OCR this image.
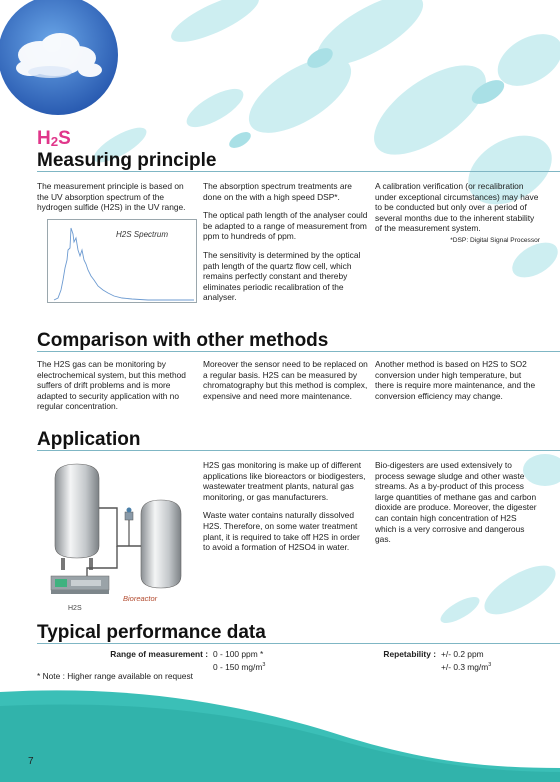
H2S
Measuring principle

The measurement principle is based on the UV absorption spectrum of the hydrogen sulfide (H2S) in the UV range.

H2S Spectrum

The absorption spectrum treatments are done on the with a high speed DSP*.

The optical path length of the analyser could be adapted to a range of measurement from ppm to hundreds of ppm.

The sensitivity is determined by the optical path length of the quartz flow cell, which remains perfectly constant and thereby eliminates periodic recalibration of the analyser.

A calibration verification (or recalibration under exceptional circumstances) may have to be conducted but only over a period of several months due to the inherent stability of the measurement system.

*DSP: Digital Signal Processor
Comparison with other methods

The H2S gas can be monitoring by electrochemical system, but this method suffers of drift problems and is more adapted to security application with no regular concentration.

Moreover the sensor need to be replaced on a regular basis. H2S can be measured by chromatography but this method is complex, expensive and need more maintenance.

Another method is based on H2S to SO2 conversion under high temperature, but there is require more maintenance, and the conversion efficiency may change.

Application
Bioreactor
H2S

H2S gas monitoring is make up of different applications like bioreactors or biodigesters, wastewater treatment plants, natural gas monitoring, or gas manufacturers.

Waste water contains naturally dissolved H2S. Therefore, on some water treatment plant, it is required to take off H2S in order to avoid a formation of H2SO4 in water.

Bio-digesters are used extensively to process sewage sludge and other waste streams. As a by-product of this process large quantities of methane gas and carbon dioxide are produce. Moreover, the digester can contain high concentration of H2S which is a very corrosive and dangerous gas.

Typical performance data
Range of measurement : 0 - 100 ppm *
0 - 150 $mg/m^3$
Repetability : +/- 0.2 ppm
+/- 0.3 $mg/m^3$
* Note : Higher range available on request
7
